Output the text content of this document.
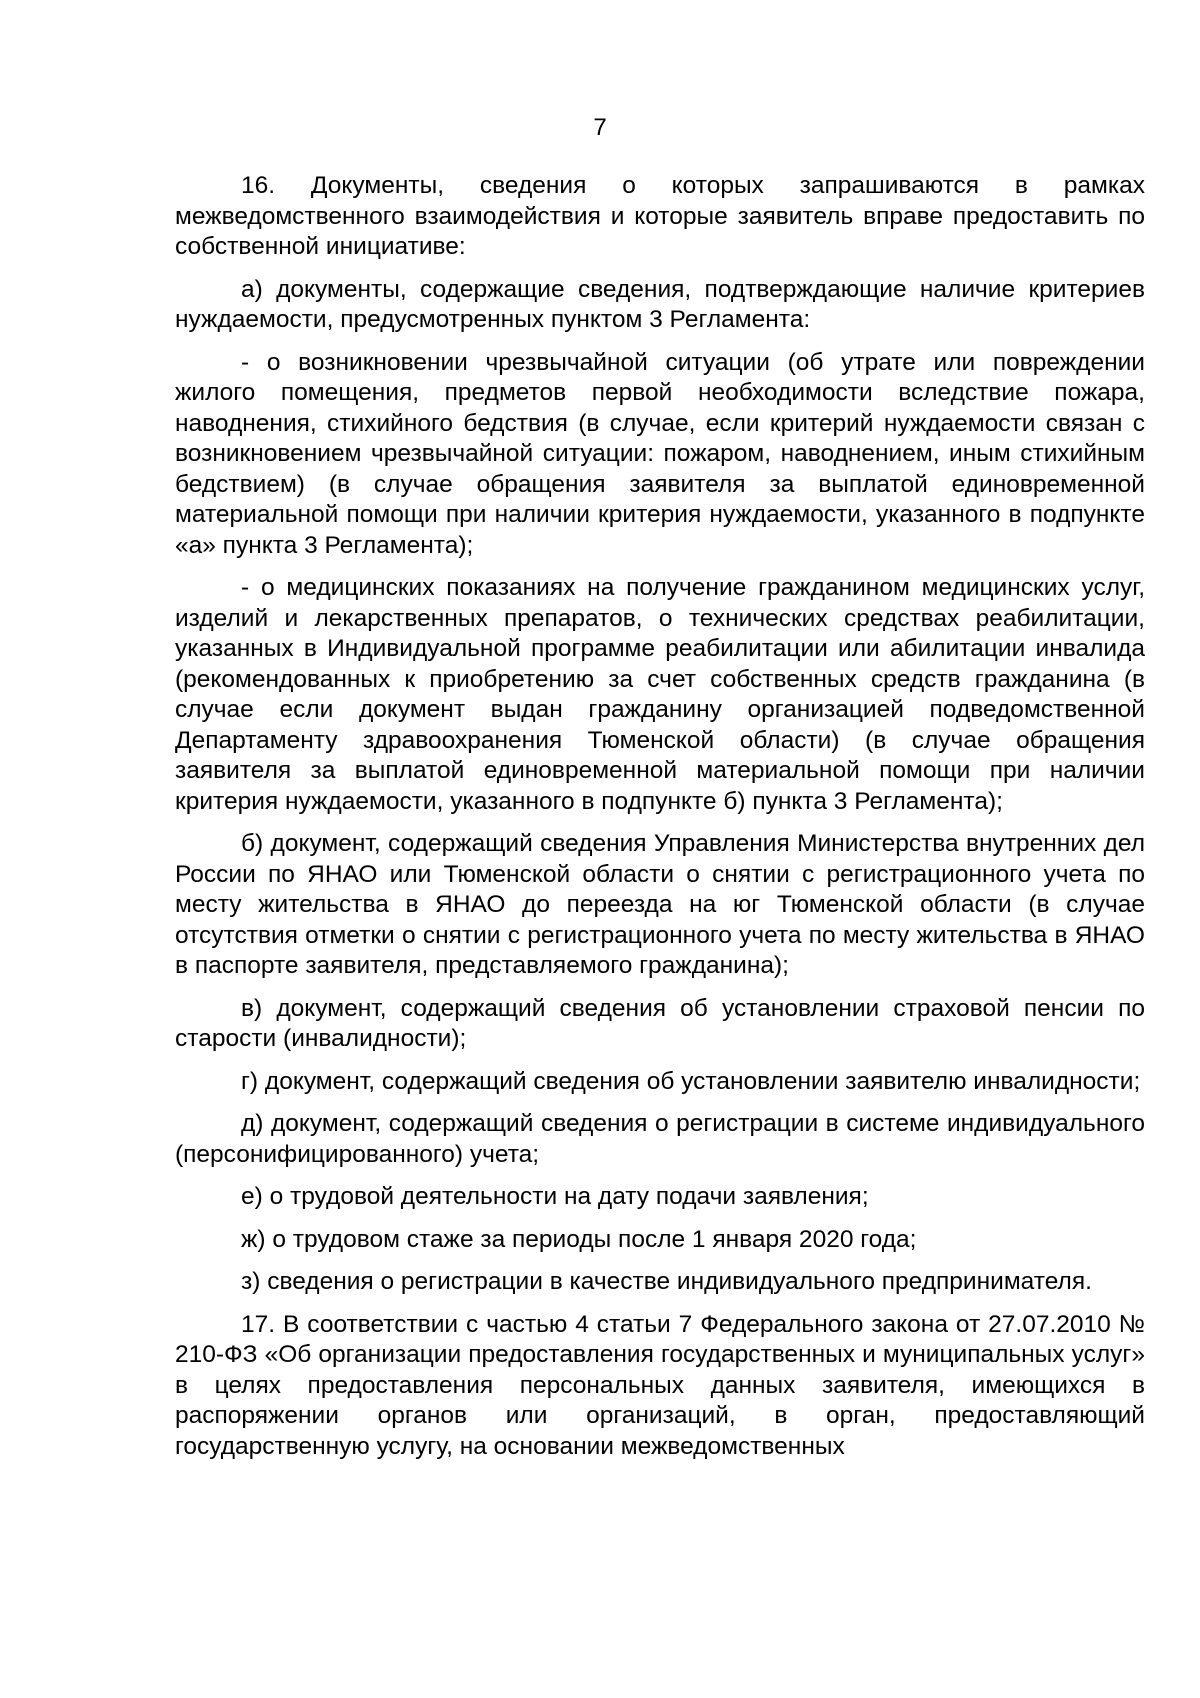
7

16. Документы, сведения о которых запрашиваются в рамках межведомственного взаимодействия и которые заявитель вправе предоставить по собственной инициативе:

а) документы, содержащие сведения, подтверждающие наличие критериев нуждаемости, предусмотренных пунктом 3 Регламента:

- о возникновении чрезвычайной ситуации (об утрате или повреждении жилого помещения, предметов первой необходимости вследствие пожара, наводнения, стихийного бедствия (в случае, если критерий нуждаемости связан с возникновением чрезвычайной ситуации: пожаром, наводнением, иным стихийным бедствием) (в случае обращения заявителя за выплатой единовременной материальной помощи при наличии критерия нуждаемости, указанного в подпункте «а» пункта 3 Регламента);

- о медицинских показаниях на получение гражданином медицинских услуг, изделий и лекарственных препаратов, о технических средствах реабилитации, указанных в Индивидуальной программе реабилитации или абилитации инвалида (рекомендованных к приобретению за счет собственных средств гражданина (в случае если документ выдан гражданину организацией подведомственной Департаменту здравоохранения Тюменской области) (в случае обращения заявителя за выплатой единовременной материальной помощи при наличии критерия нуждаемости, указанного в подпункте б) пункта 3 Регламента);

б) документ, содержащий сведения Управления Министерства внутренних дел России по ЯНАО или Тюменской области о снятии с регистрационного учета по месту жительства в ЯНАО до переезда на юг Тюменской области (в случае отсутствия отметки о снятии с регистрационного учета по месту жительства в ЯНАО в паспорте заявителя, представляемого гражданина);

в) документ, содержащий сведения об установлении страховой пенсии по старости (инвалидности);

г) документ, содержащий сведения об установлении заявителю инвалидности;

д) документ, содержащий сведения о регистрации в системе индивидуального (персонифицированного) учета;

е) о трудовой деятельности на дату подачи заявления;

ж) о трудовом стаже за периоды после 1 января 2020 года;

з) сведения о регистрации в качестве индивидуального предпринимателя.

17. В соответствии с частью 4 статьи 7 Федерального закона от 27.07.2010 № 210-ФЗ «Об организации предоставления государственных и муниципальных услуг» в целях предоставления персональных данных заявителя, имеющихся в распоряжении органов или организаций, в орган, предоставляющий государственную услугу, на основании межведомственных
